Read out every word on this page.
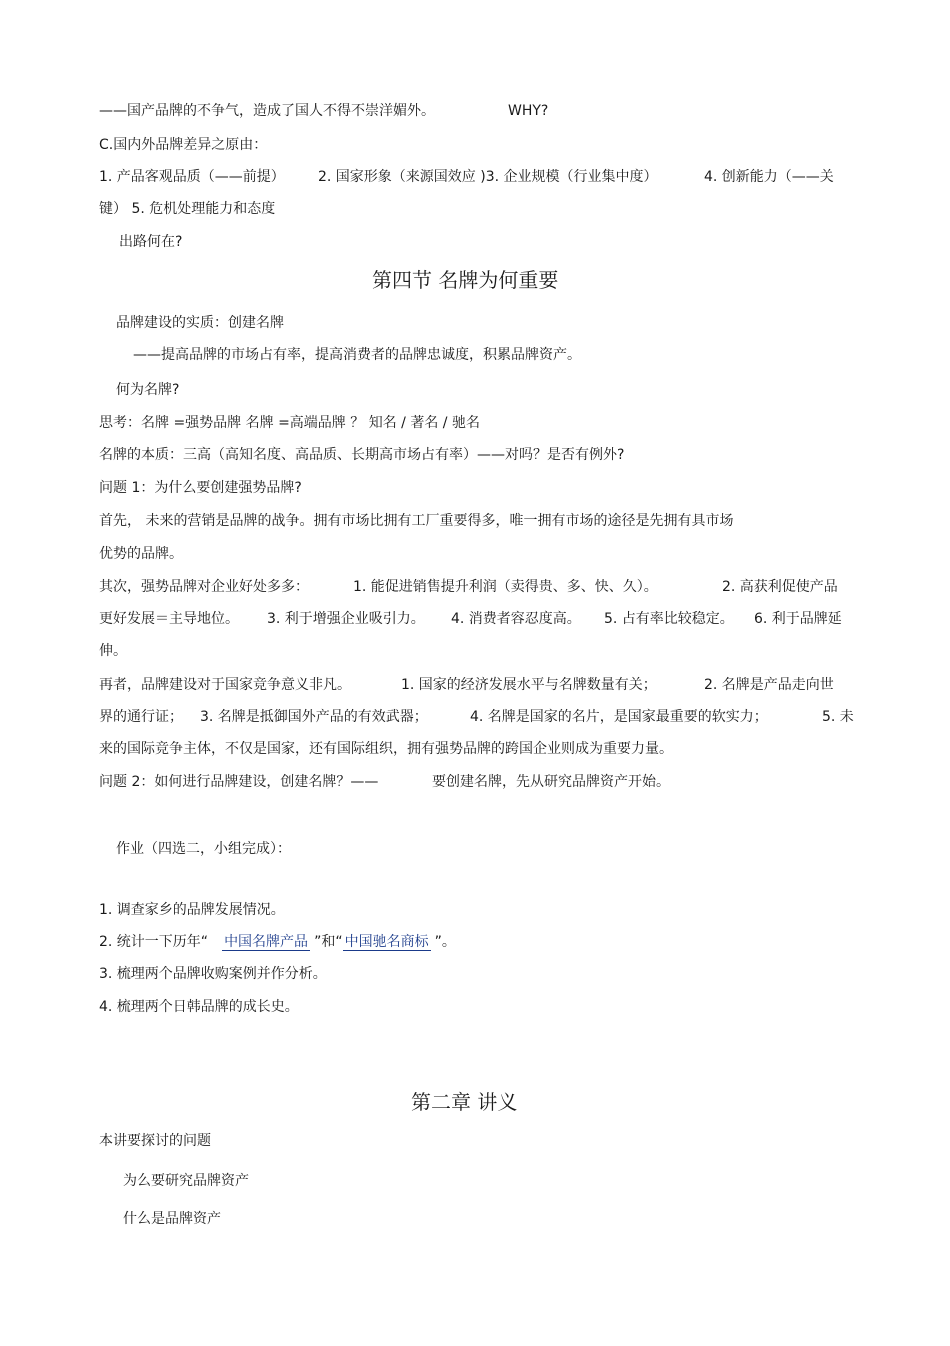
——国产品牌的不争气，造成了国人不得不崇洋媚外。	WHY?
C.国内外品牌差异之原由：
1. 产品客观品质（——前提） 2. 国家形象（来源国效应 )3. 企业规模（行业集中度）	4. 创新能力（——关
键） 5. 危机处理能力和态度
出路何在?
第四节 名牌为何重要
品牌建设的实质：创建名牌
——提高品牌的市场占有率，提高消费者的品牌忠诚度，积累品牌资产。
何为名牌?
思考：名牌 =强势品牌 名牌 =高端品牌 ？ 知名 / 著名 / 驰名
名牌的本质：三高（高知名度、高品质、长期高市场占有率）——对吗？是否有例外?
问题 1：为什么要创建强势品牌?
首先， 未来的营销是品牌的战争。拥有市场比拥有工厂重要得多，唯一拥有市场的途径是先拥有具市场
优势的品牌。
其次，强势品牌对企业好处多多：	1. 能促进销售提升利润（卖得贵、多、快、久）。	2. 高获利促使产品
更好发展＝主导地位。 3. 利于增强企业吸引力。 4. 消费者容忍度高。 5. 占有率比较稳定。 6. 利于品牌延
伸。
再者，品牌建设对于国家竞争意义非凡。	1. 国家的经济发展水平与名牌数量有关；	2. 名牌是产品走向世
界的通行证； 3. 名牌是抵御国外产品的有效武器；	4. 名牌是国家的名片，是国家最重要的软实力；	5. 未
来的国际竞争主体，不仅是国家，还有国际组织，拥有强势品牌的跨国企业则成为重要力量。
问题 2：如何进行品牌建设，创建名牌？——	要创建名牌，先从研究品牌资产开始。
作业（四选二，小组完成）：
1. 调查家乡的品牌发展情况。
2. 统计一下历年“ 中国名牌产品 ”和“ 中国驰名商标 ”。
3. 梳理两个品牌收购案例并作分析。
4. 梳理两个日韩品牌的成长史。
第二章 讲义
本讲要探讨的问题
为么要研究品牌资产
什么是品牌资产
